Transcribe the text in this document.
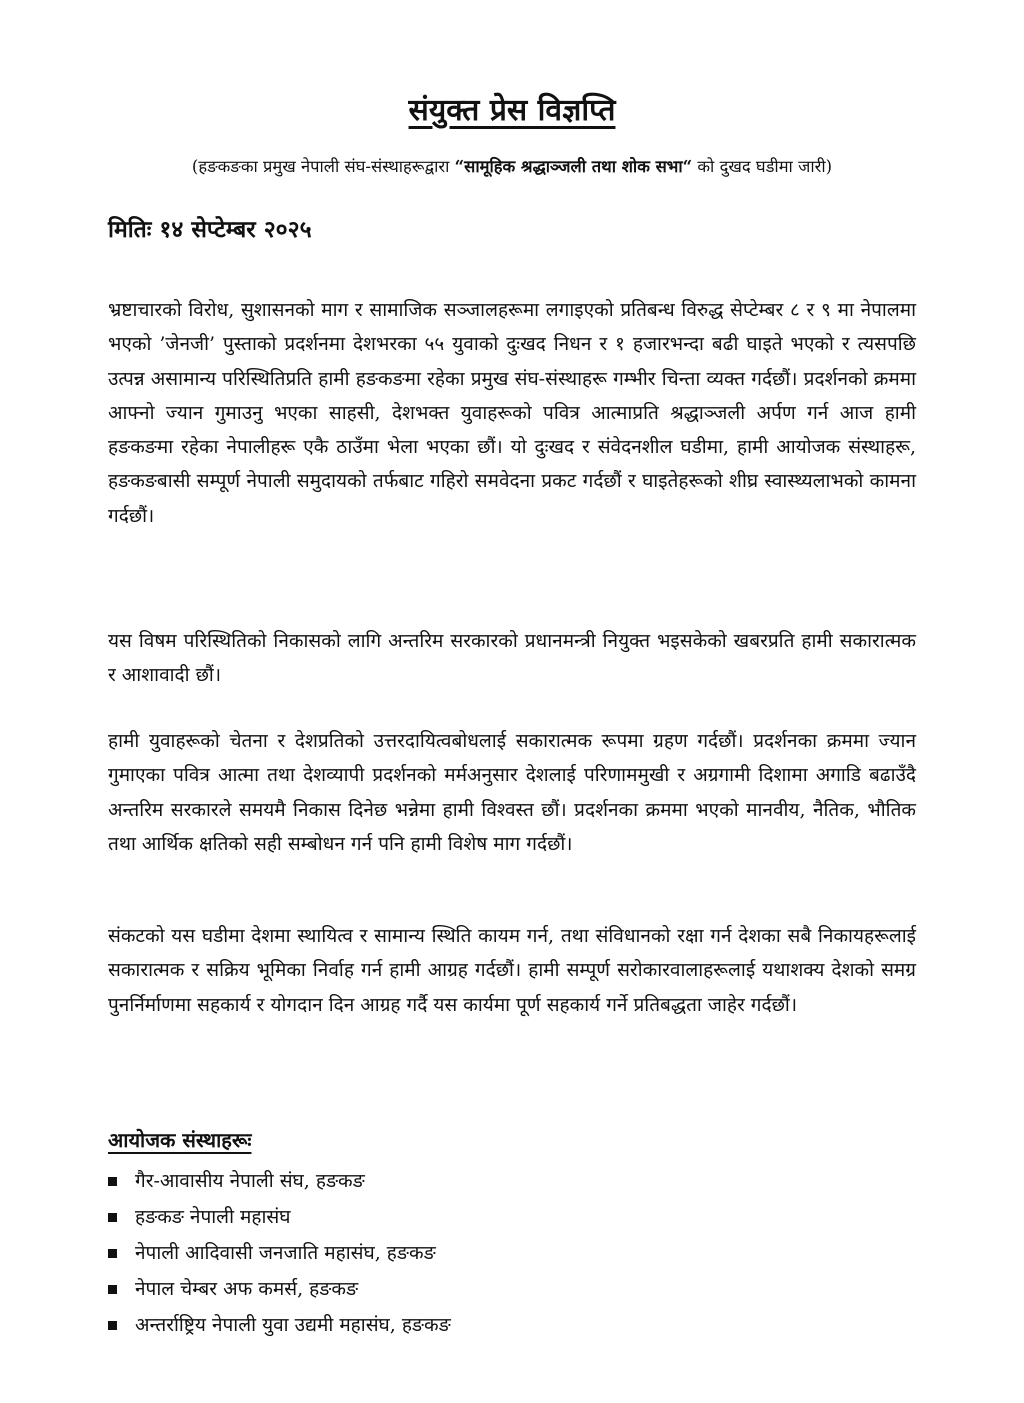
संयुक्त प्रेस विज्ञप्ति
(हङकङका प्रमुख नेपाली संघ-संस्थाहरूद्वारा “सामूहिक श्रद्धाञ्जली तथा शोक सभा“ को दुखद घडीमा जारी)
मितिः १४ सेप्टेम्बर २०२५

भ्रष्टाचारको विरोध, सुशासनको माग र सामाजिक सञ्जालहरूमा लगाइएको प्रतिबन्ध विरुद्ध सेप्टेम्बर ८ र ९ मा नेपालमा भएको ’जेनजी’ पुस्ताको प्रदर्शनमा देशभरका ५५ युवाको दुःखद निधन र १ हजारभन्दा बढी घाइते भएको र त्यसपछि उत्पन्न असामान्य परिस्थितिप्रति हामी हङकङमा रहेका प्रमुख संघ-संस्थाहरू गम्भीर चिन्ता व्यक्त गर्दछौं। प्रदर्शनको क्रममा आफ्नो ज्यान गुमाउनु भएका साहसी, देशभक्त युवाहरूको पवित्र आत्माप्रति श्रद्धाञ्जली अर्पण गर्न आज हामी हङकङमा रहेका नेपालीहरू एकै ठाउँमा भेला भएका छौं। यो दुःखद र संवेदनशील घडीमा, हामी आयोजक संस्थाहरू, हङकङबासी सम्पूर्ण नेपाली समुदायको तर्फबाट गहिरो समवेदना प्रकट गर्दछौं र घाइतेहरूको शीघ्र स्वास्थ्यलाभको कामना गर्दछौं।

यस विषम परिस्थितिको निकासको लागि अन्तरिम सरकारको प्रधानमन्त्री नियुक्त भइसकेको खबरप्रति हामी सकारात्मक र आशावादी छौं।

हामी युवाहरूको चेतना र देशप्रतिको उत्तरदायित्वबोधलाई सकारात्मक रूपमा ग्रहण गर्दछौं। प्रदर्शनका क्रममा ज्यान गुमाएका पवित्र आत्मा तथा देशव्यापी प्रदर्शनको मर्मअनुसार देशलाई परिणाममुखी र अग्रगामी दिशामा अगाडि बढाउँदै अन्तरिम सरकारले समयमै निकास दिनेछ भन्नेमा हामी विश्वस्त छौं। प्रदर्शनका क्रममा भएको मानवीय, नैतिक, भौतिक तथा आर्थिक क्षतिको सही सम्बोधन गर्न पनि हामी विशेष माग गर्दछौं।

संकटको यस घडीमा देशमा स्थायित्व र सामान्य स्थिति कायम गर्न, तथा संविधानको रक्षा गर्न देशका सबै निकायहरूलाई सकारात्मक र सक्रिय भूमिका निर्वाह गर्न हामी आग्रह गर्दछौं। हामी सम्पूर्ण सरोकारवालाहरूलाई यथाशक्य देशको समग्र पुनर्निर्माणमा सहकार्य र योगदान दिन आग्रह गर्दै यस कार्यमा पूर्ण सहकार्य गर्ने प्रतिबद्धता जाहेर गर्दछौं।

आयोजक संस्थाहरूः
गैर-आवासीय नेपाली संघ, हङकङ
हङकङ नेपाली महासंघ
नेपाली आदिवासी जनजाति महासंघ, हङकङ
नेपाल चेम्बर अफ कमर्स, हङकङ
अन्तर्राष्ट्रिय नेपाली युवा उद्यमी महासंघ, हङकङ
